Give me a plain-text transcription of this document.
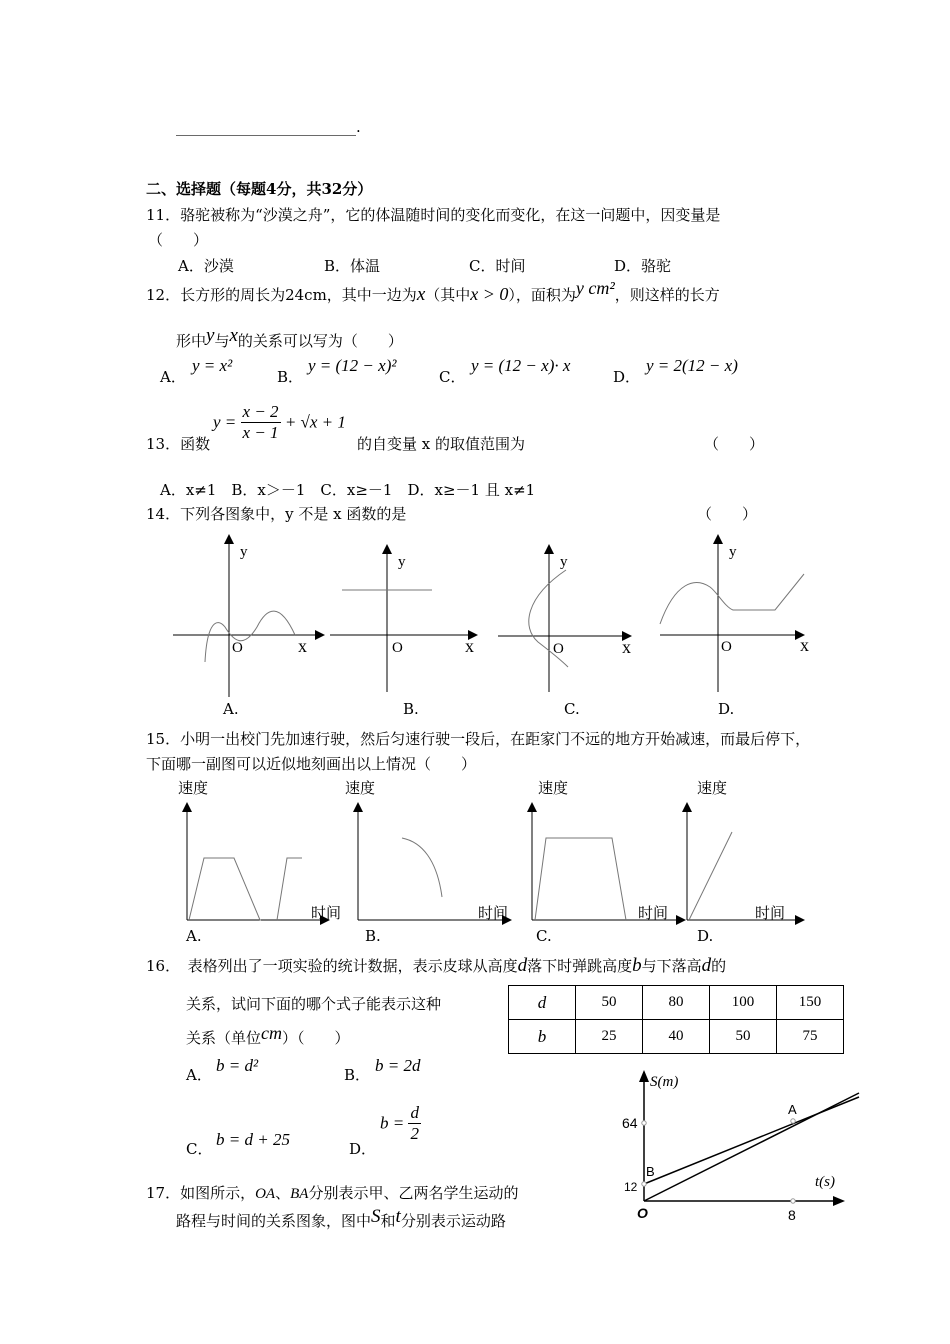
________________________.
二、选择题（每题4分，共32分）
11．骆驼被称为“沙漠之舟”，它的体温随时间的变化而变化，在这一问题中，因变量是
（　　）
A．沙漠	B．体温	C．时间	D．骆驼
12．长方形的周长为24cm，其中一边为x（其中x > 0），面积为y cm²，则这样的长方
形中y与x的关系可以写为（　　）
A．
y = x²
B．
y = (12 − x)²
C．
y = (12 − x)· x
D．
y = 2(12 − x)
13．函数
$y = \frac{x - 2}{x - 1} + √x + 1$
的自变量 x 的取值范围为	（　　）
A．x≠1　B．x＞－1　C．x≥－1　D．x≥－1 且 x≠1
14．下列各图象中，y 不是 x 函数的是	（　　）
y
O	x
A.
y
O	x
B.
y
O	x
C.
y
O	x
D.
15．小明一出校门先加速行驶，然后匀速行驶一段后，在距家门不远的地方开始减速，而最后停下，
下面哪一副图可以近似地刻画出以上情况（　　）
速度
时间
A.
速度
时间
B.
速度
时间
C.
速度
时间
D.
16．　表格列出了一项实验的统计数据，表示皮球从高度d落下时弹跳高度b与下落高d的
关系，试问下面的哪个式子能表示这种
关系（单位cm）（　　）
d	50	80	100	150
b	25	40	50	75
A． b = d²	B． b = 2d
C． b = d + 25	D．
$b = \frac{d}{2}$
S(m)
t(s)
64
12
8
O
A
B
17．如图所示，OA、BA分别表示甲、乙两名学生运动的
路程与时间的关系图象，图中S和t分别表示运动路
